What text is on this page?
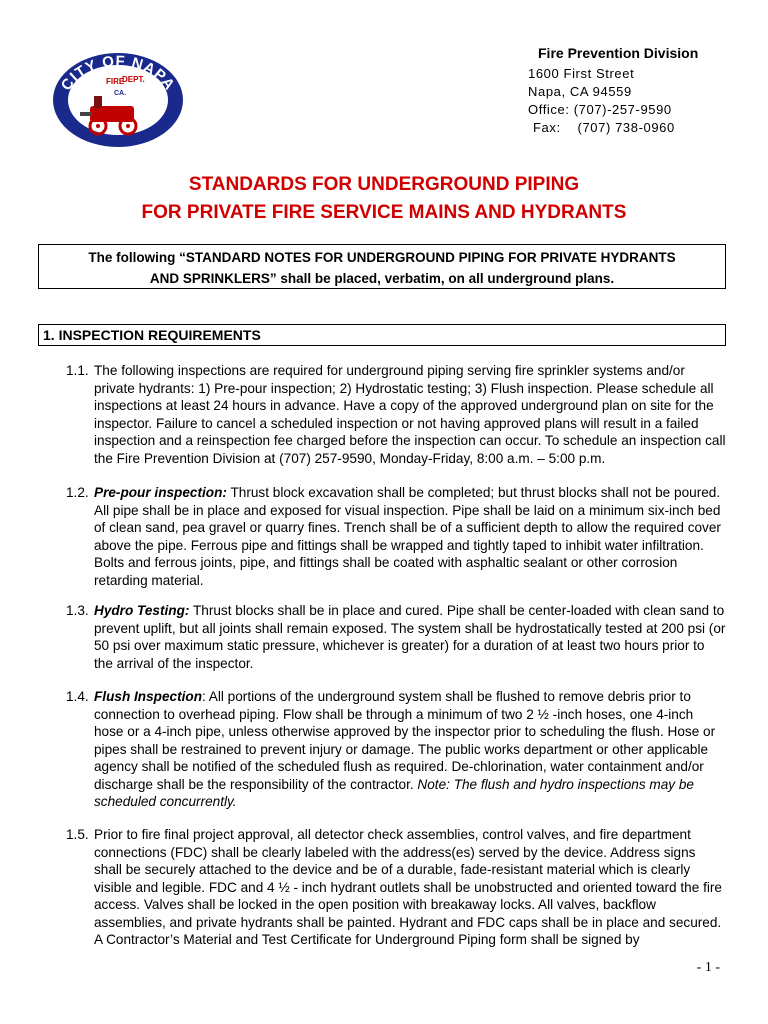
CITY OF NAPA
FIRE
DEPT.
CA.
Fire Prevention Division
1600 First Street
Napa, CA 94559
Office: (707)-257-9590
Fax:    (707) 738-0960
STANDARDS FOR UNDERGROUND PIPING
FOR PRIVATE FIRE SERVICE MAINS AND HYDRANTS
The following “STANDARD NOTES FOR UNDERGROUND PIPING FOR PRIVATE HYDRANTS
AND SPRINKLERS” shall be placed, verbatim, on all underground plans.
1. INSPECTION REQUIREMENTS
1.1. The following inspections are required for underground piping serving fire sprinkler systems and/or private hydrants: 1) Pre-pour inspection; 2) Hydrostatic testing; 3) Flush inspection. Please schedule all inspections at least 24 hours in advance. Have a copy of the approved underground plan on site for the inspector. Failure to cancel a scheduled inspection or not having approved plans will result in a failed inspection and a reinspection fee charged before the inspection can occur. To schedule an inspection call the Fire Prevention Division at (707) 257-9590, Monday-Friday, 8:00 a.m. – 5:00 p.m.
1.2. Pre-pour inspection: Thrust block excavation shall be completed; but thrust blocks shall not be poured. All pipe shall be in place and exposed for visual inspection. Pipe shall be laid on a minimum six-inch bed of clean sand, pea gravel or quarry fines. Trench shall be of a sufficient depth to allow the required cover above the pipe. Ferrous pipe and fittings shall be wrapped and tightly taped to inhibit water infiltration. Bolts and ferrous joints, pipe, and fittings shall be coated with asphaltic sealant or other corrosion retarding material.
1.3. Hydro Testing: Thrust blocks shall be in place and cured. Pipe shall be center-loaded with clean sand to prevent uplift, but all joints shall remain exposed. The system shall be hydrostatically tested at 200 psi (or 50 psi over maximum static pressure, whichever is greater) for a duration of at least two hours prior to the arrival of the inspector.
1.4. Flush Inspection: All portions of the underground system shall be flushed to remove debris prior to connection to overhead piping. Flow shall be through a minimum of two 2 ½ -inch hoses, one 4-inch hose or a 4-inch pipe, unless otherwise approved by the inspector prior to scheduling the flush. Hose or pipes shall be restrained to prevent injury or damage. The public works department or other applicable agency shall be notified of the scheduled flush as required. De-chlorination, water containment and/or discharge shall be the responsibility of the contractor. Note: The flush and hydro inspections may be scheduled concurrently.
1.5. Prior to fire final project approval, all detector check assemblies, control valves, and fire department connections (FDC) shall be clearly labeled with the address(es) served by the device. Address signs shall be securely attached to the device and be of a durable, fade-resistant material which is clearly visible and legible. FDC and 4 ½ - inch hydrant outlets shall be unobstructed and oriented toward the fire access. Valves shall be locked in the open position with breakaway locks. All valves, backflow assemblies, and private hydrants shall be painted. Hydrant and FDC caps shall be in place and secured. A Contractor’s Material and Test Certificate for Underground Piping form shall be signed by
- 1 -
